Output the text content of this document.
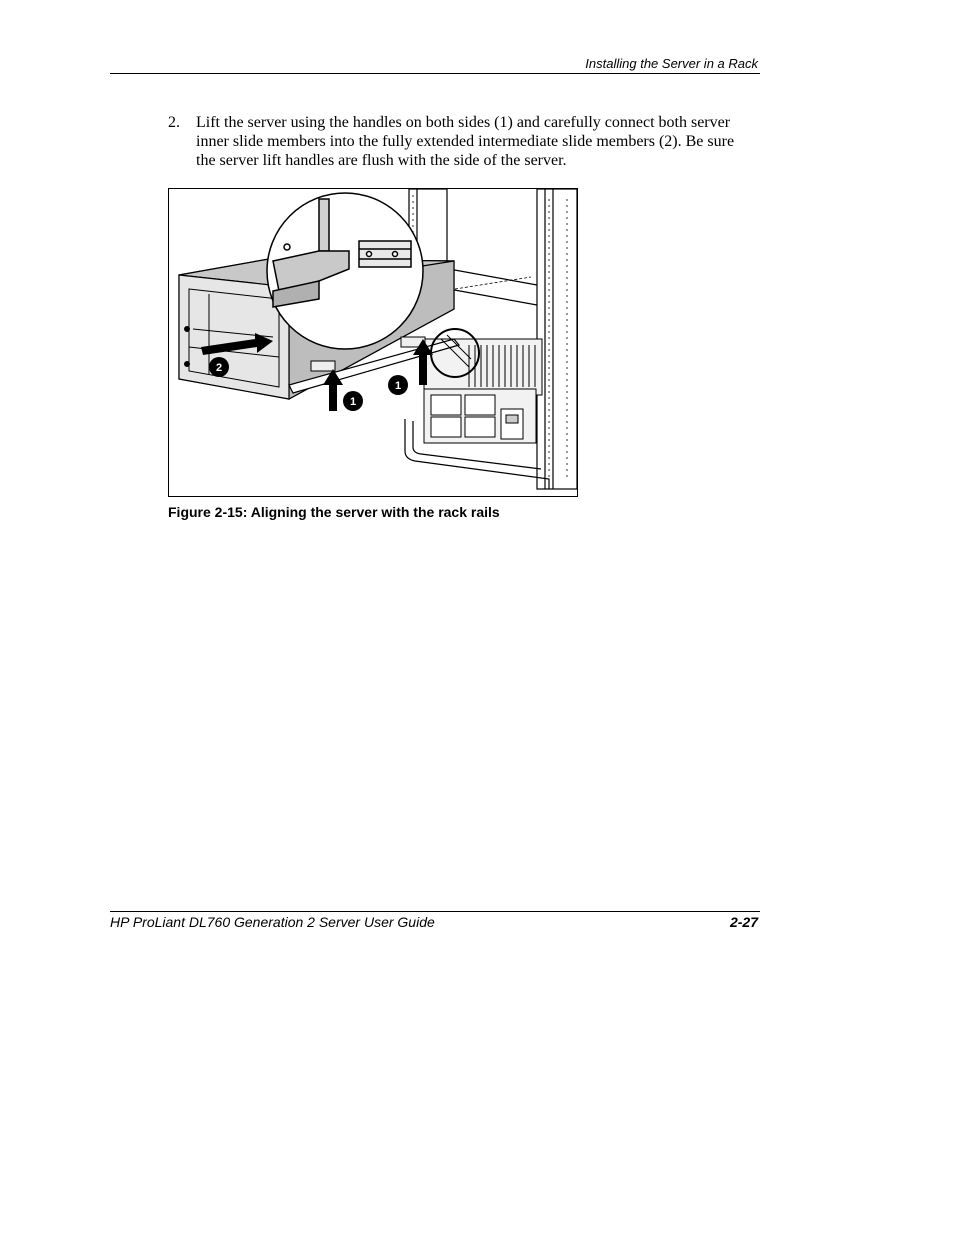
Installing the Server in a Rack
2. Lift the server using the handles on both sides (1) and carefully connect both server inner slide members into the fully extended intermediate slide members (2). Be sure the server lift handles are flush with the side of the server.
2
1
1
Figure 2-15: Aligning the server with the rack rails
HP ProLiant DL760 Generation 2 Server User Guide	2-27
